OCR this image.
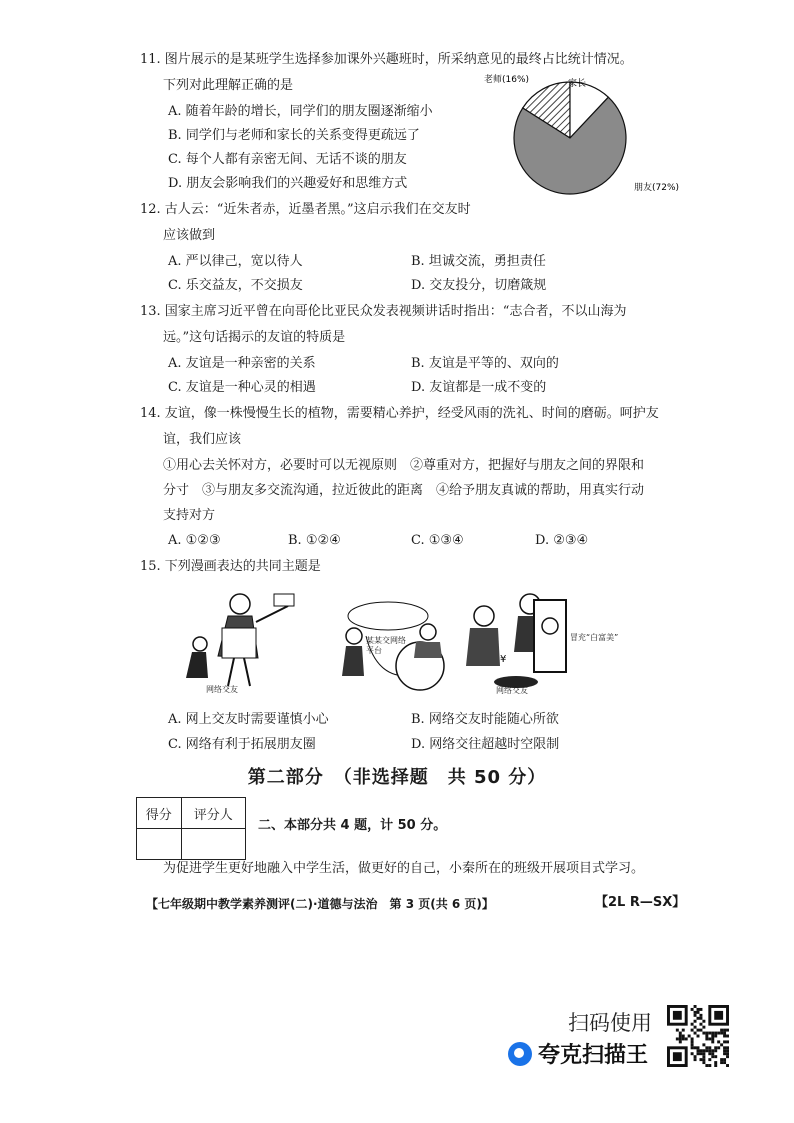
11. 图片展示的是某班学生选择参加课外兴趣班时，所采纳意见的最终占比统计情况。
下列对此理解正确的是
A. 随着年龄的增长，同学们的朋友圈逐渐缩小
B. 同学们与老师和家长的关系变得更疏远了
C. 每个人都有亲密无间、无话不谈的朋友
D. 朋友会影响我们的兴趣爱好和思维方式
老师(16%)	家长
朋友(72%)
12. 古人云：“近朱者赤，近墨者黑。”这启示我们在交友时
应该做到
A. 严以律己，宽以待人	B. 坦诚交流，勇担责任
C. 乐交益友，不交损友	D. 交友投分，切磨箴规
13. 国家主席习近平曾在向哥伦比亚民众发表视频讲话时指出：“志合者，不以山海为
远。”这句话揭示的友谊的特质是
A. 友谊是一种亲密的关系	B. 友谊是平等的、双向的
C. 友谊是一种心灵的相遇	D. 友谊都是一成不变的
14. 友谊，像一株慢慢生长的植物，需要精心养护，经受风雨的洗礼、时间的磨砺。呵护友
谊，我们应该
①用心去关怀对方，必要时可以无视原则　②尊重对方，把握好与朋友之间的界限和
分寸　③与朋友多交流沟通，拉近彼此的距离　④给予朋友真诚的帮助，用真实行动
支持对方
A. ①②③	B. ①②④	C. ①③④	D. ②③④
15. 下列漫画表达的共同主题是
网络交友
某某交网络平台
¥
网络交友
冒充“白富美”
A. 网上交友时需要谨慎小心	B. 网络交友时能随心所欲
C. 网络有利于拓展朋友圈	D. 网络交往超越时空限制
第二部分　（非选择题　共 50 分）
得分	评分人

二、本部分共 4 题，计 50 分。
为促进学生更好地融入中学生活，做更好的自己，小秦所在的班级开展项目式学习。
【七年级期中教学素养测评(二)·道德与法治　第 3 页(共 6 页)】	【2L R—SX】
扫码使用
夸克扫描王
